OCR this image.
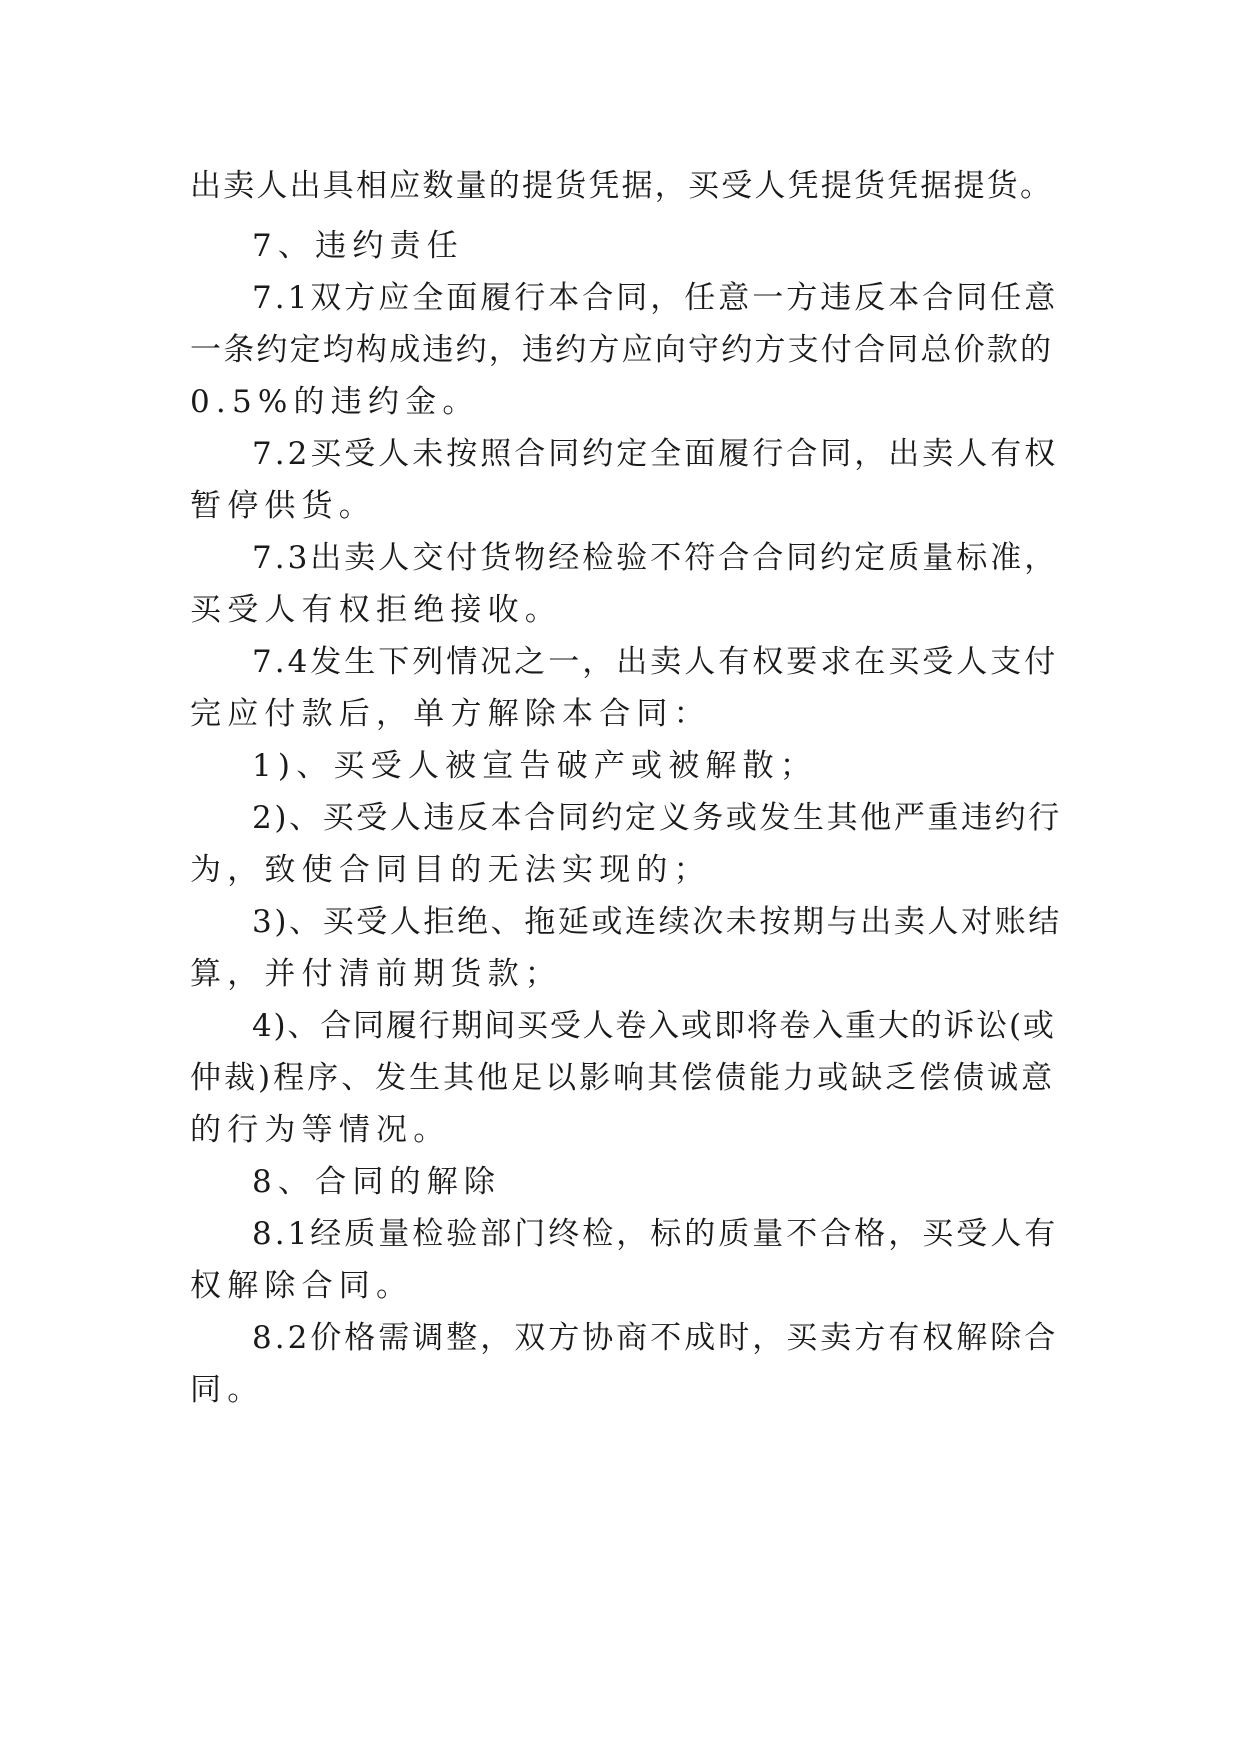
出卖人出具相应数量的提货凭据，买受人凭提货凭据提货。

7、违约责任

7.1双方应全面履行本合同，任意一方违反本合同任意

一条约定均构成违约，违约方应向守约方支付合同总价款的

0.5%的违约金。

7.2买受人未按照合同约定全面履行合同，出卖人有权

暂停供货。

7.3出卖人交付货物经检验不符合合同约定质量标准，

买受人有权拒绝接收。

7.4发生下列情况之一，出卖人有权要求在买受人支付

完应付款后，单方解除本合同：

1)、买受人被宣告破产或被解散；

2)、买受人违反本合同约定义务或发生其他严重违约行

为，致使合同目的无法实现的；

3)、买受人拒绝、拖延或连续次未按期与出卖人对账结

算，并付清前期货款；

4)、合同履行期间买受人卷入或即将卷入重大的诉讼(或

仲裁)程序、发生其他足以影响其偿债能力或缺乏偿债诚意

的行为等情况。

8、合同的解除

8.1经质量检验部门终检，标的质量不合格，买受人有

权解除合同。

8.2价格需调整，双方协商不成时，买卖方有权解除合

同。
